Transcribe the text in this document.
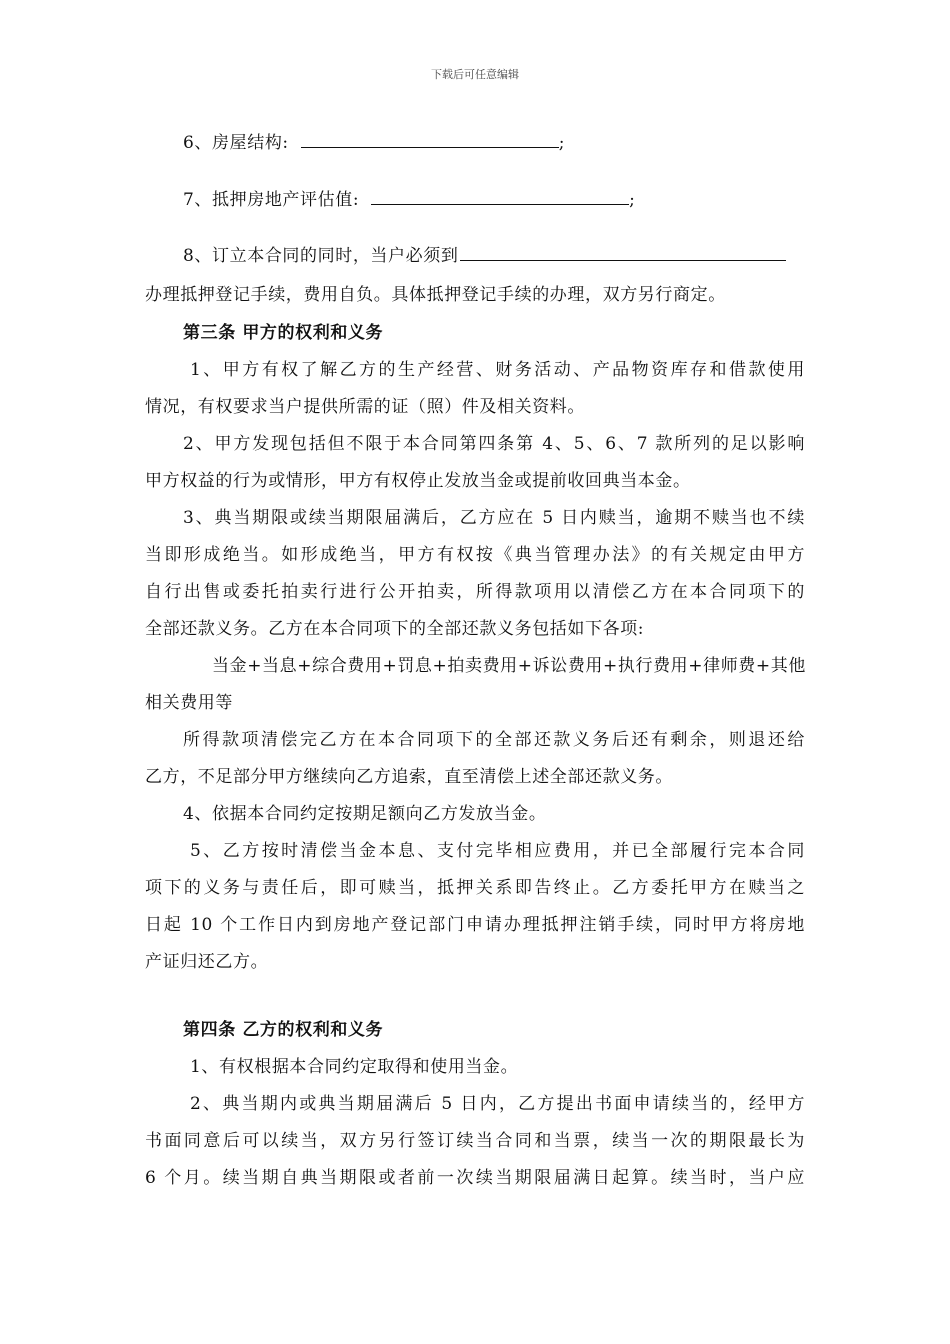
下载后可任意编辑
6、房屋结构:	;
7、抵押房地产评估值:	;
8、订立本合同的同时，当户必须到
办理抵押登记手续，费用自负。具体抵押登记手续的办理，双方另行商定。
第三条 甲方的权利和义务
1、甲方有权了解乙方的生产经营、财务活动、产品物资库存和借款使用
情况，有权要求当户提供所需的证（照）件及相关资料。
2、甲方发现包括但不限于本合同第四条第 4、5、6、7 款所列的足以影响
甲方权益的行为或情形，甲方有权停止发放当金或提前收回典当本金。
3、典当期限或续当期限届满后，乙方应在 5 日内赎当，逾期不赎当也不续
当即形成绝当。如形成绝当，甲方有权按《典当管理办法》的有关规定由甲方
自行出售或委托拍卖行进行公开拍卖，所得款项用以清偿乙方在本合同项下的
全部还款义务。乙方在本合同项下的全部还款义务包括如下各项:
当金+当息+综合费用+罚息+拍卖费用+诉讼费用+执行费用+律师费+其他
相关费用等
所得款项清偿完乙方在本合同项下的全部还款义务后还有剩余，则退还给
乙方，不足部分甲方继续向乙方追索，直至清偿上述全部还款义务。
4、依据本合同约定按期足额向乙方发放当金。
5、乙方按时清偿当金本息、支付完毕相应费用，并已全部履行完本合同
项下的义务与责任后，即可赎当，抵押关系即告终止。乙方委托甲方在赎当之
日起 10 个工作日内到房地产登记部门申请办理抵押注销手续，同时甲方将房地
产证归还乙方。
第四条 乙方的权利和义务
1、有权根据本合同约定取得和使用当金。
2、典当期内或典当期届满后 5 日内，乙方提出书面申请续当的，经甲方
书面同意后可以续当，双方另行签订续当合同和当票，续当一次的期限最长为
6 个月。续当期自典当期限或者前一次续当期限届满日起算。续当时，当户应
